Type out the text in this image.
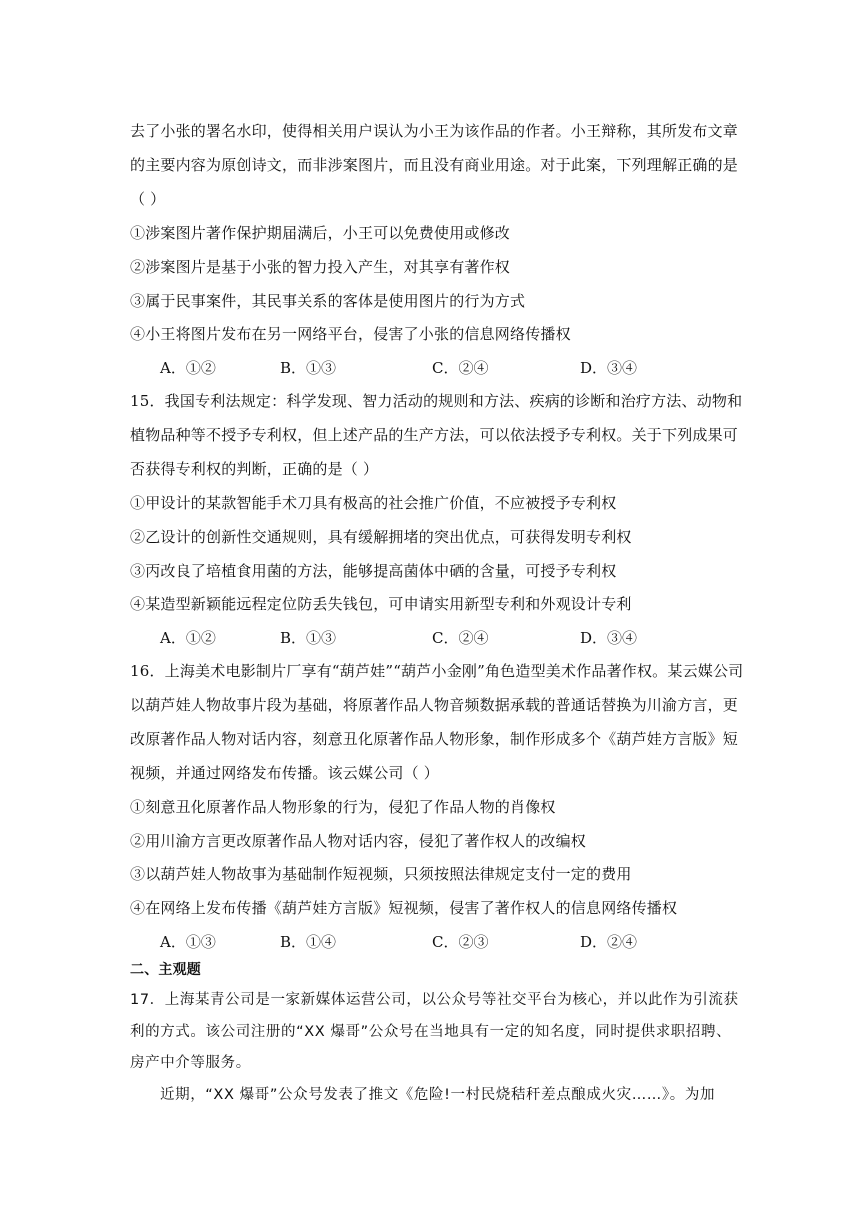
去了小张的署名水印，使得相关用户误认为小王为该作品的作者。小王辩称，其所发布文章
的主要内容为原创诗文，而非涉案图片，而且没有商业用途。对于此案，下列理解正确的是
（ ）
①涉案图片著作保护期届满后，小王可以免费使用或修改
②涉案图片是基于小张的智力投入产生，对其享有著作权
③属于民事案件，其民事关系的客体是使用图片的行为方式
④小王将图片发布在另一网络平台，侵害了小张的信息网络传播权
A．①②	B．①③	C．②④	D．③④
15．我国专利法规定：科学发现、智力活动的规则和方法、疾病的诊断和治疗方法、动物和
植物品种等不授予专利权，但上述产品的生产方法，可以依法授予专利权。关于下列成果可
否获得专利权的判断，正确的是（ ）
①甲设计的某款智能手术刀具有极高的社会推广价值，不应被授予专利权
②乙设计的创新性交通规则，具有缓解拥堵的突出优点，可获得发明专利权
③丙改良了培植食用菌的方法，能够提高菌体中硒的含量，可授予专利权
④某造型新颖能远程定位防丢失钱包，可申请实用新型专利和外观设计专利
A．①②	B．①③	C．②④	D．③④
16．上海美术电影制片厂享有“葫芦娃”“葫芦小金刚”角色造型美术作品著作权。某云媒公司
以葫芦娃人物故事片段为基础，将原著作品人物音频数据承载的普通话替换为川渝方言，更
改原著作品人物对话内容，刻意丑化原著作品人物形象，制作形成多个《葫芦娃方言版》短
视频，并通过网络发布传播。该云媒公司（ ）
①刻意丑化原著作品人物形象的行为，侵犯了作品人物的肖像权
②用川渝方言更改原著作品人物对话内容，侵犯了著作权人的改编权
③以葫芦娃人物故事为基础制作短视频，只须按照法律规定支付一定的费用
④在网络上发布传播《葫芦娃方言版》短视频，侵害了著作权人的信息网络传播权
A．①③	B．①④	C．②③	D．②④
二、主观题
17．上海某青公司是一家新媒体运营公司，以公众号等社交平台为核心，并以此作为引流获
利的方式。该公司注册的“XX 爆哥”公众号在当地具有一定的知名度，同时提供求职招聘、
房产中介等服务。
近期，“XX 爆哥”公众号发表了推文《危险!一村民烧秸秆差点酿成火灾……》。为加
